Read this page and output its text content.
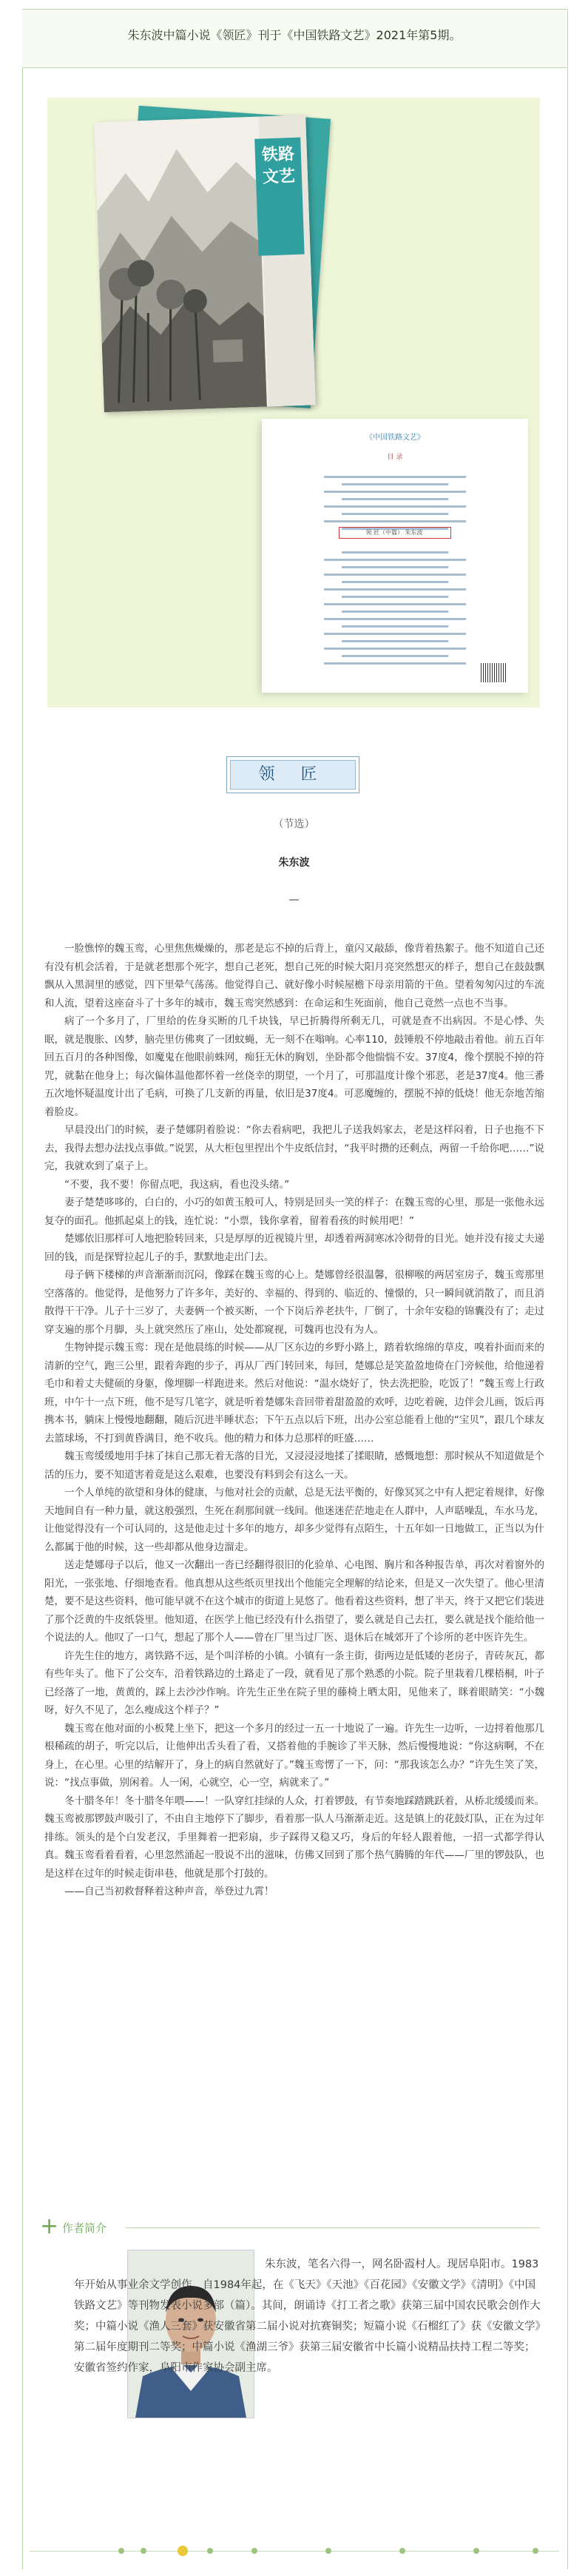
朱东波中篇小说《领匠》刊于《中国铁路文艺》2021年第5期。
铁路文艺
《中国铁路文艺》
目 录
领 匠（中篇） 朱东波
领 匠
（节选）
朱东波
—

一脸憔悴的魏玉鸾，心里焦焦燥燥的，那老是忘不掉的后背上，童闪又敲舔，像背着热絮子。他不知道自己还有没有机会活着，于是就老想那个死字，想自己老死，想自己死的时候大阳月亮突然想灭的样子，想自己在鼓鼓飘飘从入黑洞里的感觉，四下里晕气荡荡。他觉得自己、就好像小时候屋檐下母亲用箭的干鱼。望着匆匆闪过的车流和人流，望着这座奋斗了十多年的城市，魏玉鸾突然感到：在命运和生死面前，他自己竟然一点也不当事。

病了一个多月了，厂里给的佐身买断的几千块钱，早已折腾得所剩无几，可就是查不出病因。不是心悸、失眠，就是腹胀、凶梦，脑壳里仿佛爽了一团蚊蝇，无一刻不在嗡响。心率110，鼓锤般不停地敲击着他。前五百年回五百月的各种图像，如魔鬼在他眼前蛛网，痴狂无休的胸划，坐卧都令他惴惴不安。37度4，像个摆脱不掉的符咒，就黏在他身上；每次偏体温他都怀着一丝侥幸的期望，一个月了，可那温度计像个邪恶，老是37度4。他三番五次地怀疑温度计出了毛病，可换了几支新的再量，依旧是37度4。可恶魔缠的，摆脱不掉的低烧！他无奈地苦缩着脸皮。

早晨没出门的时候，妻子楚娜阴着脸说：“你去看病吧，我把儿子送我妈家去，老是这样闷着，日子也拖不下去，我得去想办法找点事做。”说罢，从大柜包里捏出个牛皮纸信封，“我平时攒的还剩点，两留一千给你吧……”说完，我就欢到了桌子上。

“不要，我不要！你留点吧，我这病，看也没头绪。”

妻子楚楚哆哆的，白白的，小巧的如黄玉般可人，特别是回头一笑的样子：在魏玉鸾的心里，那是一张他永远复夺的面孔。他抓起桌上的钱，连忙说：“小票，钱你拿着，留着看孩的时候用吧！”

楚娜依旧那样可人地把脸转回来，只是厚厚的近视镜片里，却透着两洞寒冰冷彻骨的目光。她并没有接丈夫递回的钱，而是探臂拉起儿子的手，默默地走出门去。

母子俩下楼梯的声音渐渐而沉闷，像踩在魏玉鸾的心上。楚娜曾经很温馨，很柳喉的两居室房子，魏玉鸾那里空落落的。他觉得，是他努力了许多年，美好的、幸福的、得到的、临近的、憧憬的，只一瞬间就消散了，而且消散得干干净。儿子十三岁了，夫妻俩一个被买断，一个下岗后养老扶牛，厂倒了，十余年安稳的锦囊没有了；走过穿支遍的那个月脚，头上就突然压了座山，处处都窥视，可魏再也没有为人。

生物钟提示魏玉鸾：现在是他晨练的时候——从厂区东边的乡野小路上，踏着软绵绵的草皮，嗅着扑面而来的清新的空气，跑三公里，跟着奔跑的步子，再从厂西门转回来，每回，楚娜总是笑盈盈地倚在门旁候他，给他递着毛巾和着丈夫健硕的身躯，像埋脚一样跑进来。然后对他说：“温水烧好了，快去洗把脸，吃饭了！”魏玉鸾上行政班，中午十一点下班，他不是写几笔字，就是听着楚娜朱音回带着甜盈盈的欢呼，边吃着碗，边伴会儿画，饭后再携本书，躺床上慢慢地翻翻，随后沉进半睡状态；下午五点以后下班，出办公室总能看上他的“宝贝”，跟几个球友去篮球场，不打到黄昏满目，绝不收兵。他的精力和体力总那样的旺盛……

魏玉鸾缓缓地用手抹了抹自己那无着无落的目光，又浸浸浸地揉了揉眼睛，感慨地想：那时候从不知道做是个活的压力，要不知道害着竟是这么艰难，也要没有料到会有这么一天。

一个人单纯的欲望和身体的健康，与他对社会的贡献，总是无法平衡的，好像冥冥之中有人把定着规律，好像天地间自有一种力量，就这般强烈，生死在刹那间就一线间。他迷迷茫茫地走在人群中，人声聒噪乱，车水马龙，让他觉得没有一个可认同的，这是他走过十多年的地方，却多少觉得有点陌生，十五年如一日地做工，正当以为什么都属于他的时候，这一些却都从他身边溜走。

送走楚娜母子以后，他又一次翻出一沓已经翻得很旧的化验单、心电图、胸片和各种报告单，再次对着窗外的阳光，一张张地、仔细地查看。他真想从这些纸页里找出个他能完全理解的结论来，但是又一次失望了。他心里清楚，要不是这些资料，他可能早就不在这个城市的街道上晃悠了。他看着这些资料，想了半天，终于又把它们装进了那个泛黄的牛皮纸袋里。他知道，在医学上他已经没有什么指望了，要么就是自己去扛，要么就是找个能给他一个说法的人。他叹了一口气，想起了那个人——曾在厂里当过厂医、退休后在城郊开了个诊所的老中医许先生。

许先生住的地方，离铁路不远，是个叫洋桥的小镇。小镇有一条主街，街两边是低矮的老房子，青砖灰瓦，都有些年头了。他下了公交车，沿着铁路边的土路走了一段，就看见了那个熟悉的小院。院子里栽着几棵梧桐，叶子已经落了一地，黄黄的，踩上去沙沙作响。许先生正坐在院子里的藤椅上晒太阳，见他来了，眯着眼睛笑：“小魏呀，好久不见了，怎么瘦成这个样子？”

魏玉鸾在他对面的小板凳上坐下，把这一个多月的经过一五一十地说了一遍。许先生一边听，一边捋着他那几根稀疏的胡子，听完以后，让他伸出舌头看了看，又搭着他的手腕诊了半天脉，然后慢慢地说：“你这病啊，不在身上，在心里。心里的结解开了，身上的病自然就好了。”魏玉鸾愣了一下，问：“那我该怎么办？”许先生笑了笑，说：“找点事做，别闲着。人一闲，心就空，心一空，病就来了。”

冬十腊冬年！冬十腊冬年喂——！一队穿红挂绿的人众，打着锣鼓，有节奏地踩踏跳跃着，从桥北缓缓而来。魏玉鸾被那锣鼓声吸引了，不由自主地停下了脚步，看着那一队人马渐渐走近。这是镇上的花鼓灯队，正在为过年排练。领头的是个白发老汉，手里舞着一把彩扇，步子踩得又稳又巧，身后的年轻人跟着他，一招一式都学得认真。魏玉鸾看着看着，心里忽然涌起一股说不出的滋味，仿佛又回到了那个热气腾腾的年代——厂里的锣鼓队，也是这样在过年的时候走街串巷，他就是那个打鼓的。

——自己当初救督释着这种声音，举登过九霄！

+ 作者简介
朱东波，笔名六得一，网名卧霞村人。现居阜阳市。1983年开始从事业余文学创作，自1984年起，在《飞天》《天池》《百花园》《安徽文学》《清明》《中国铁路文艺》等刊物发表小说多部（篇）。其间，朗诵诗《打工者之歌》获第三届中国农民歌会创作大奖；中篇小说《渔人三套》获安徽省第二届小说对抗赛铜奖；短篇小说《石榴红了》获《安徽文学》第二届年度期刊二等奖；中篇小说《渔湖三爷》获第三届安徽省中长篇小说精品扶持工程二等奖；安徽省签约作家，阜阳市作家协会副主席。
